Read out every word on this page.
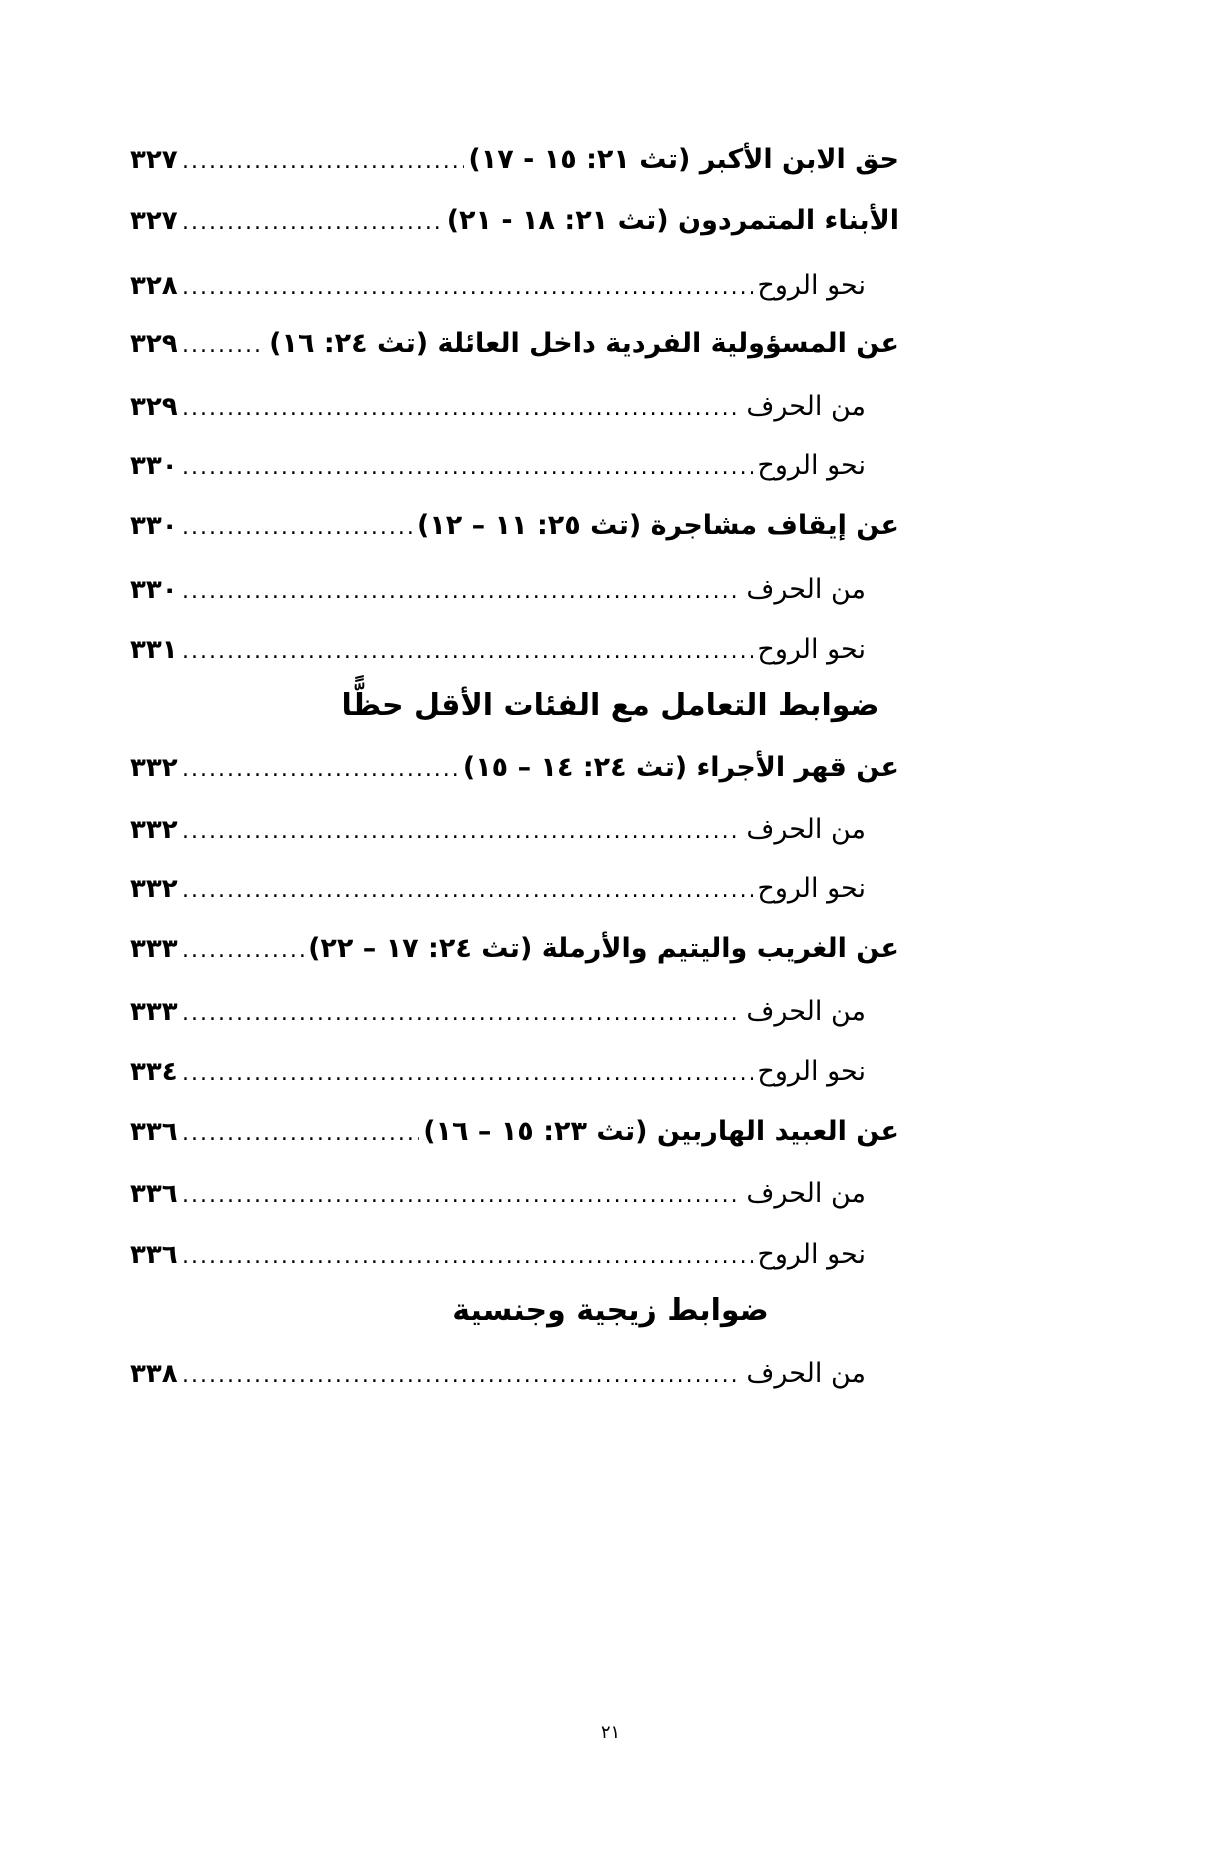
حق الابن الأكبر (تث ٢١: ١٥ - ١٧)
.....
٣٢٧
الأبناء المتمردون (تث ٢١: ١٨ - ٢١)
.....
٣٢٧
نحو الروح
.....
٣٢٨
عن المسؤولية الفردية داخل العائلة (تث ٢٤: ١٦)
.....
٣٢٩
من الحرف
.....
٣٢٩
نحو الروح
.....
٣٣٠
عن إيقاف مشاجرة (تث ٢٥: ١١ – ١٢)
.....
٣٣٠
من الحرف
.....
٣٣٠
نحو الروح
.....
٣٣١
ضوابط التعامل مع الفئات الأقل حظًّا
عن قهر الأجراء (تث ٢٤: ١٤ – ١٥)
.....
٣٣٢
من الحرف
.....
٣٣٢
نحو الروح
.....
٣٣٢
عن الغريب واليتيم والأرملة (تث ٢٤: ١٧ – ٢٢)
.....
٣٣٣
من الحرف
.....
٣٣٣
نحو الروح
.....
٣٣٤
عن العبيد الهاربين (تث ٢٣: ١٥ – ١٦)
.....
٣٣٦
من الحرف
.....
٣٣٦
نحو الروح
.....
٣٣٦
ضوابط زيجية وجنسية
من الحرف
.....
٣٣٨
٢١
